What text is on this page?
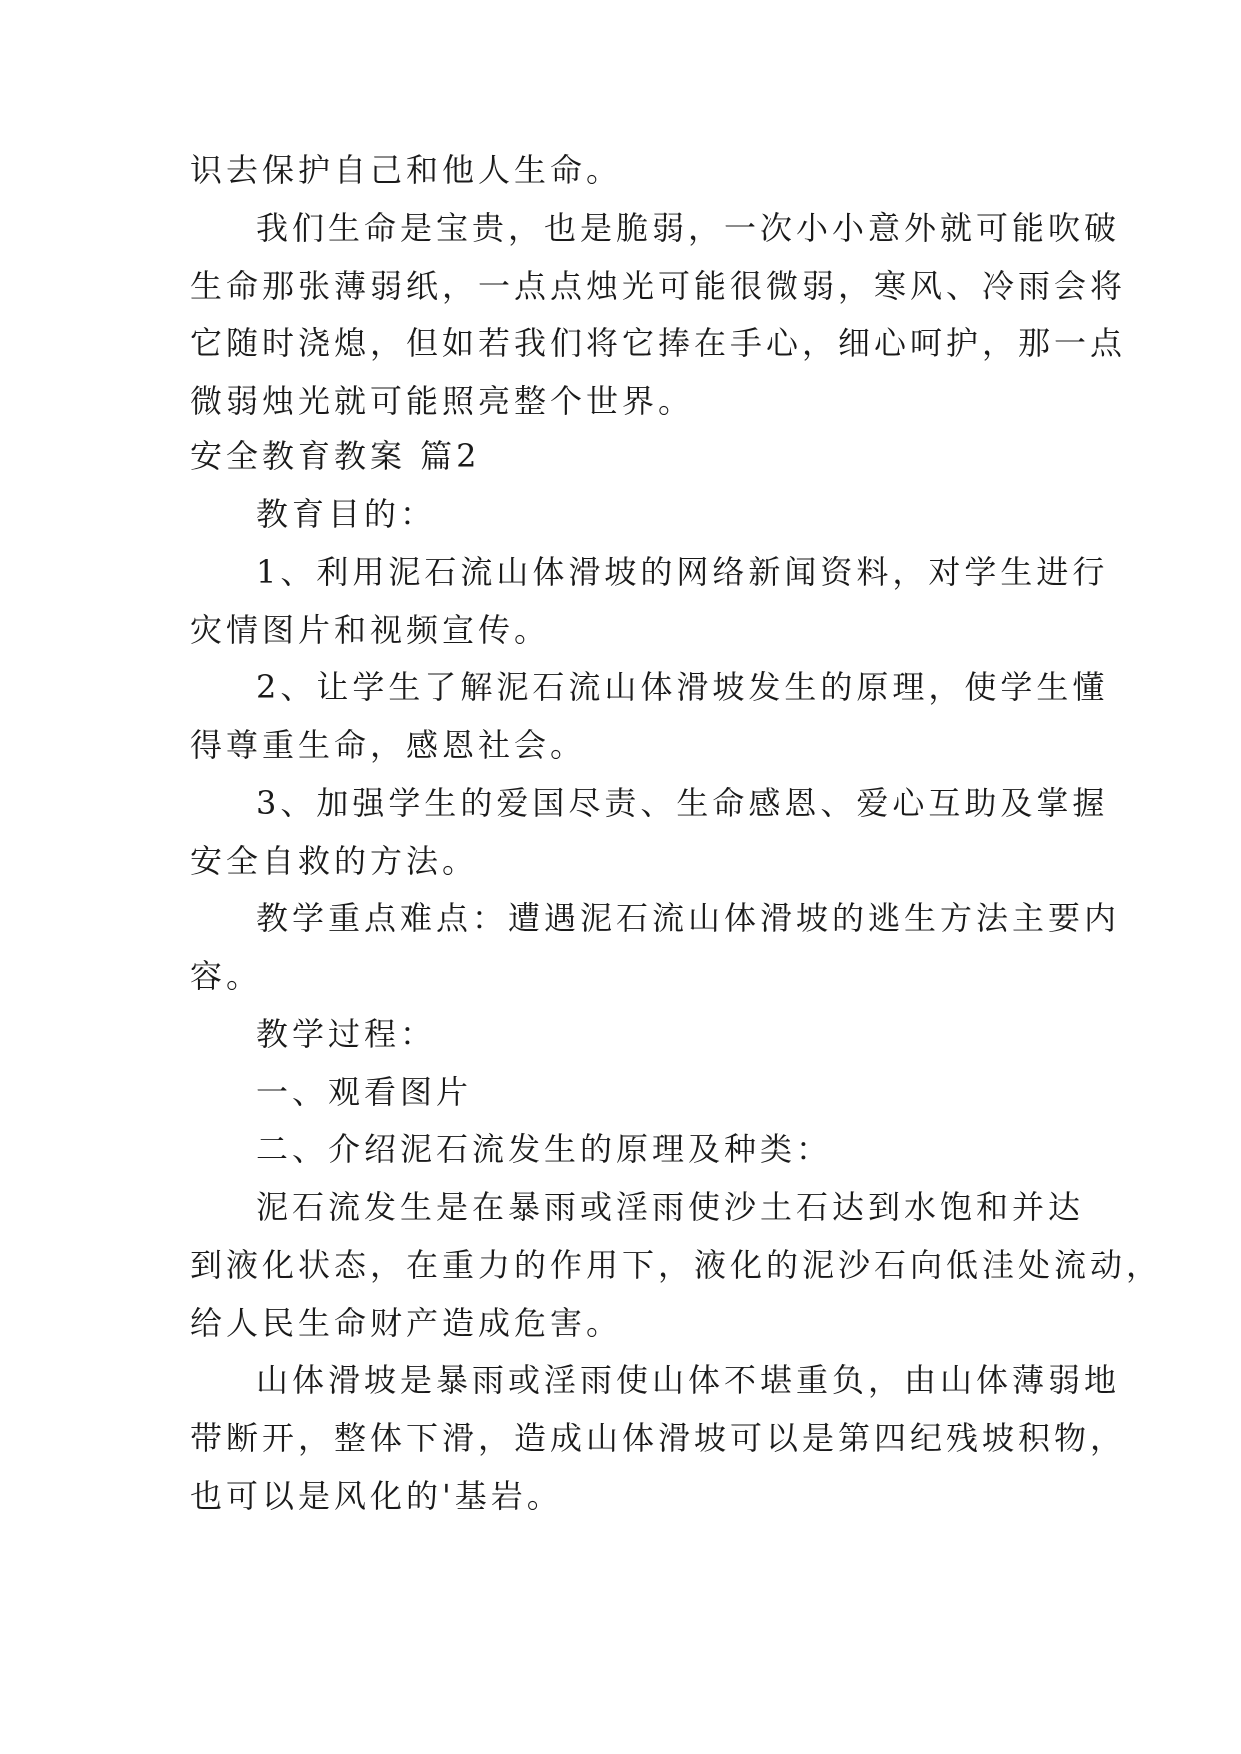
识去保护自己和他人生命。
我们生命是宝贵，也是脆弱，一次小小意外就可能吹破
生命那张薄弱纸，一点点烛光可能很微弱，寒风、冷雨会将
它随时浇熄，但如若我们将它捧在手心，细心呵护，那一点
微弱烛光就可能照亮整个世界。
安全教育教案 篇2
教育目的：
1、利用泥石流山体滑坡的网络新闻资料，对学生进行
灾情图片和视频宣传。
2、让学生了解泥石流山体滑坡发生的原理，使学生懂
得尊重生命，感恩社会。
3、加强学生的爱国尽责、生命感恩、爱心互助及掌握
安全自救的方法。
教学重点难点：遭遇泥石流山体滑坡的逃生方法主要内
容。
教学过程：
一、观看图片
二、介绍泥石流发生的原理及种类：
泥石流发生是在暴雨或淫雨使沙土石达到水饱和并达
到液化状态，在重力的作用下，液化的泥沙石向低洼处流动，
给人民生命财产造成危害。
山体滑坡是暴雨或淫雨使山体不堪重负，由山体薄弱地
带断开，整体下滑，造成山体滑坡可以是第四纪残坡积物，
也可以是风化的'基岩。
